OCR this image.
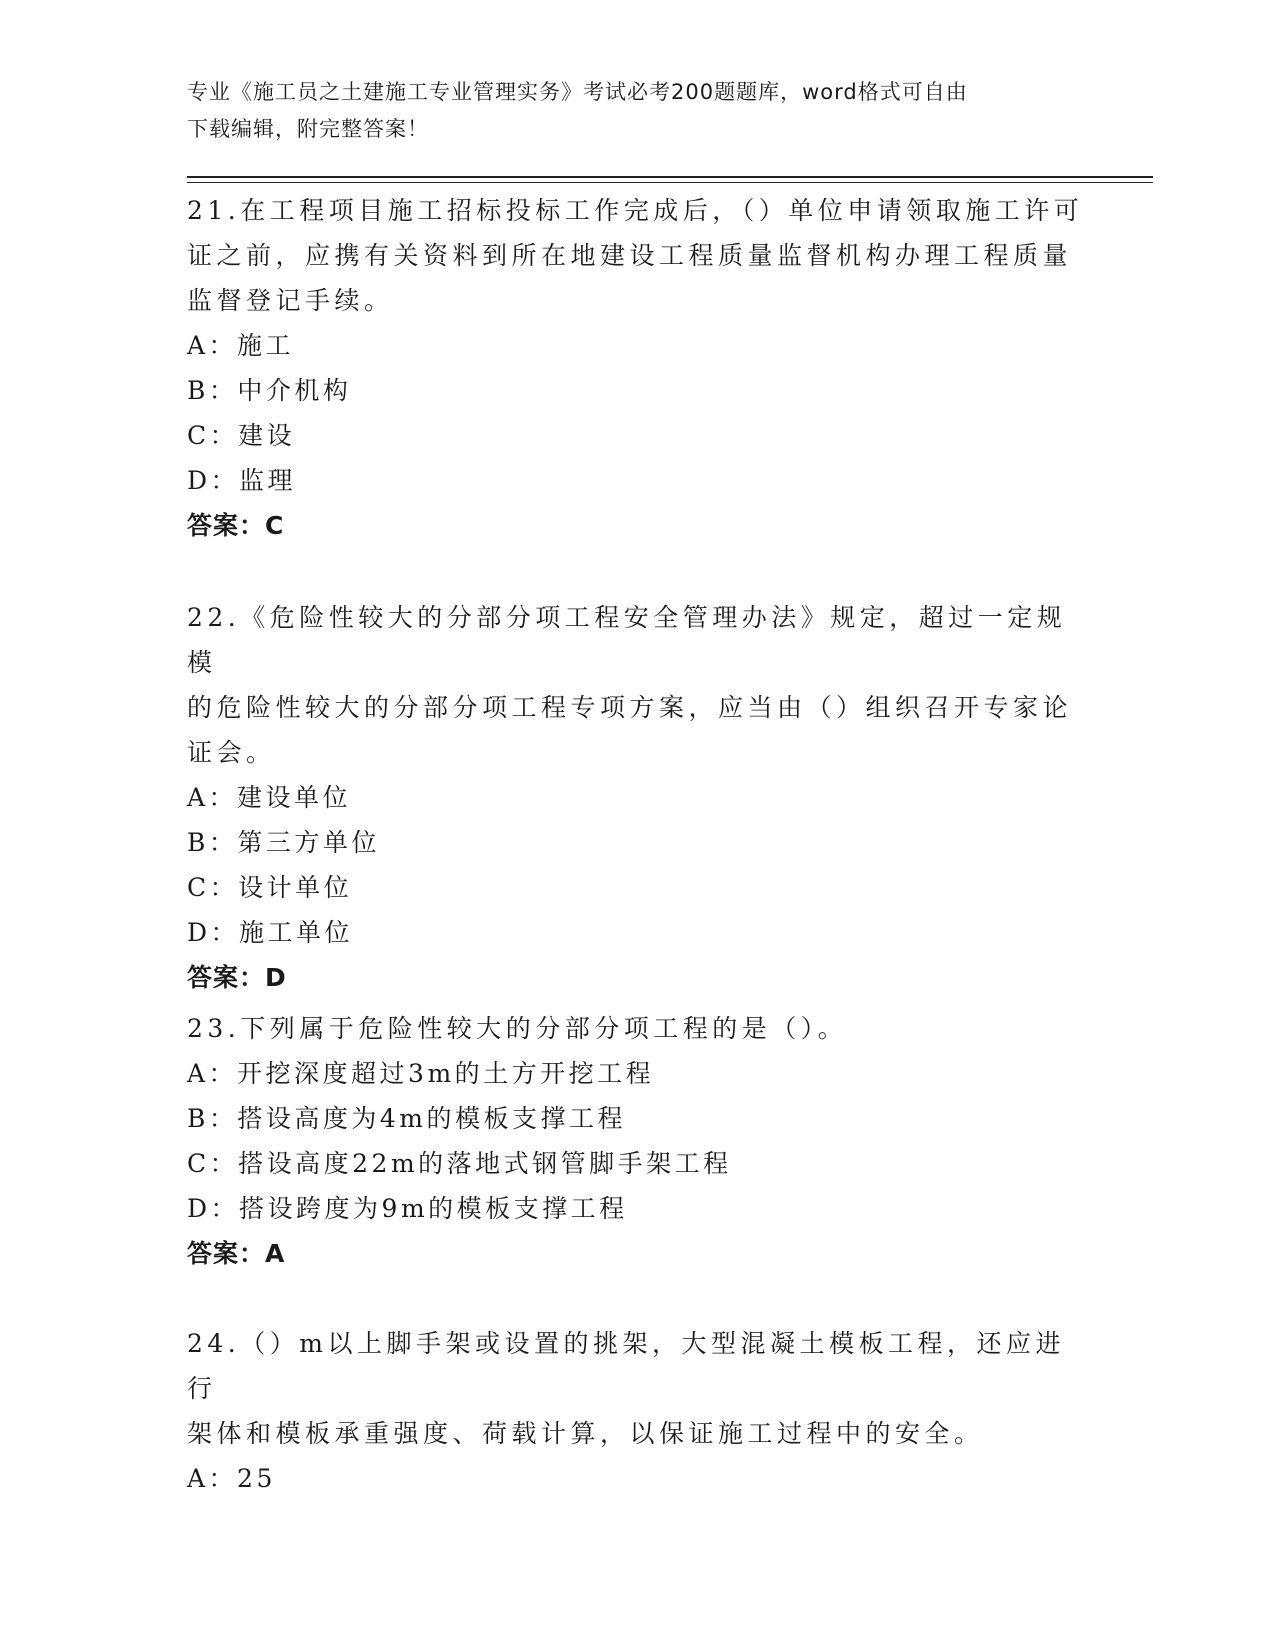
专业《施工员之土建施工专业管理实务》考试必考200题题库，word格式可自由

下载编辑，附完整答案！

21.在工程项目施工招标投标工作完成后，（）单位申请领取施工许可

证之前，应携有关资料到所在地建设工程质量监督机构办理工程质量

监督登记手续。

A：施工

B：中介机构

C：建设

D：监理

答案：C

22.《危险性较大的分部分项工程安全管理办法》规定，超过一定规模

的危险性较大的分部分项工程专项方案，应当由（）组织召开专家论

证会。

A：建设单位

B：第三方单位

C：设计单位

D：施工单位

答案：D

23.下列属于危险性较大的分部分项工程的是（）。

A：开挖深度超过3m的土方开挖工程

B：搭设高度为4m的模板支撑工程

C：搭设高度22m的落地式钢管脚手架工程

D：搭设跨度为9m的模板支撑工程

答案：A

24.（）m以上脚手架或设置的挑架，大型混凝土模板工程，还应进行

架体和模板承重强度、荷载计算，以保证施工过程中的安全。

A：25
